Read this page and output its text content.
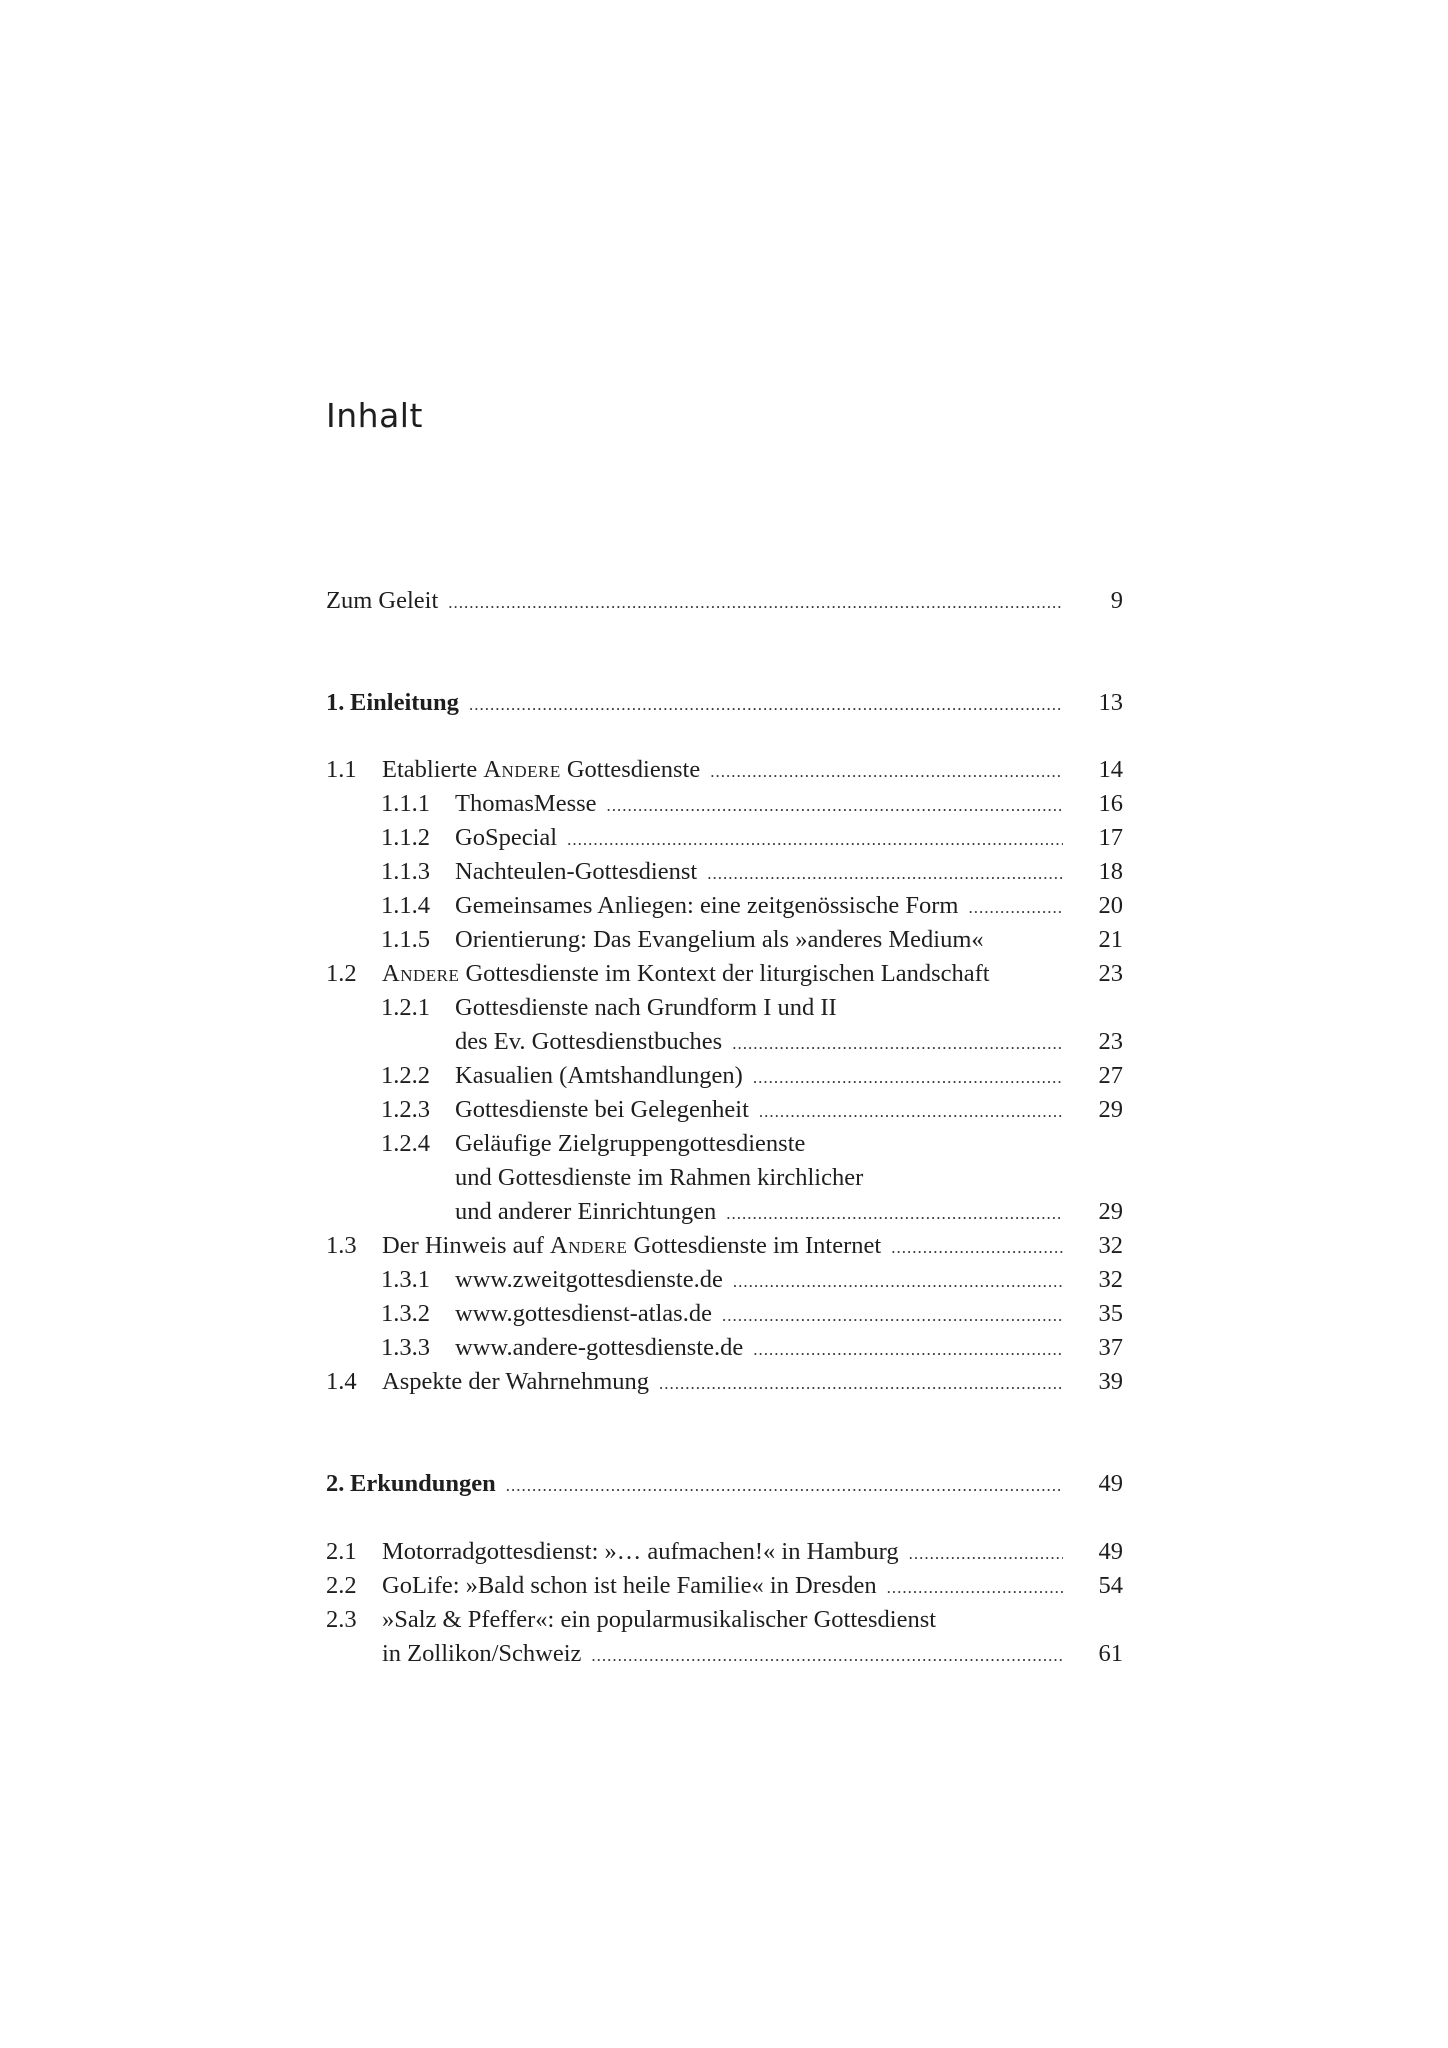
Inhalt
Zum Geleit .....	9
1. Einleitung .....	13
1.1 Etablierte Andere Gottesdienste .....	14
1.1.1 ThomasMesse .....	16
1.1.2 GoSpecial .....	17
1.1.3 Nachteulen-Gottesdienst .....	18
1.1.4 Gemeinsames Anliegen: eine zeitgenössische Form .....	20
1.1.5 Orientierung: Das Evangelium als »anderes Medium«	21
1.2 Andere Gottesdienste im Kontext der liturgischen Landschaft	23
1.2.1 Gottesdienste nach Grundform I und II
des Ev. Gottesdienstbuches .....	23
1.2.2 Kasualien (Amtshandlungen) .....	27
1.2.3 Gottesdienste bei Gelegenheit .....	29
1.2.4 Geläufige Zielgruppengottesdienste
und Gottesdienste im Rahmen kirchlicher
und anderer Einrichtungen .....	29
1.3 Der Hinweis auf Andere Gottesdienste im Internet .....	32
1.3.1 www.zweitgottesdienste.de .....	32
1.3.2 www.gottesdienst-atlas.de .....	35
1.3.3 www.andere-gottesdienste.de .....	37
1.4 Aspekte der Wahrnehmung .....	39
2. Erkundungen .....	49
2.1 Motorradgottesdienst: »… aufmachen!« in Hamburg .....	49
2.2 GoLife: »Bald schon ist heile Familie« in Dresden .....	54
2.3 »Salz & Pfeffer«: ein popularmusikalischer Gottesdienst
in Zollikon/Schweiz .....	61
